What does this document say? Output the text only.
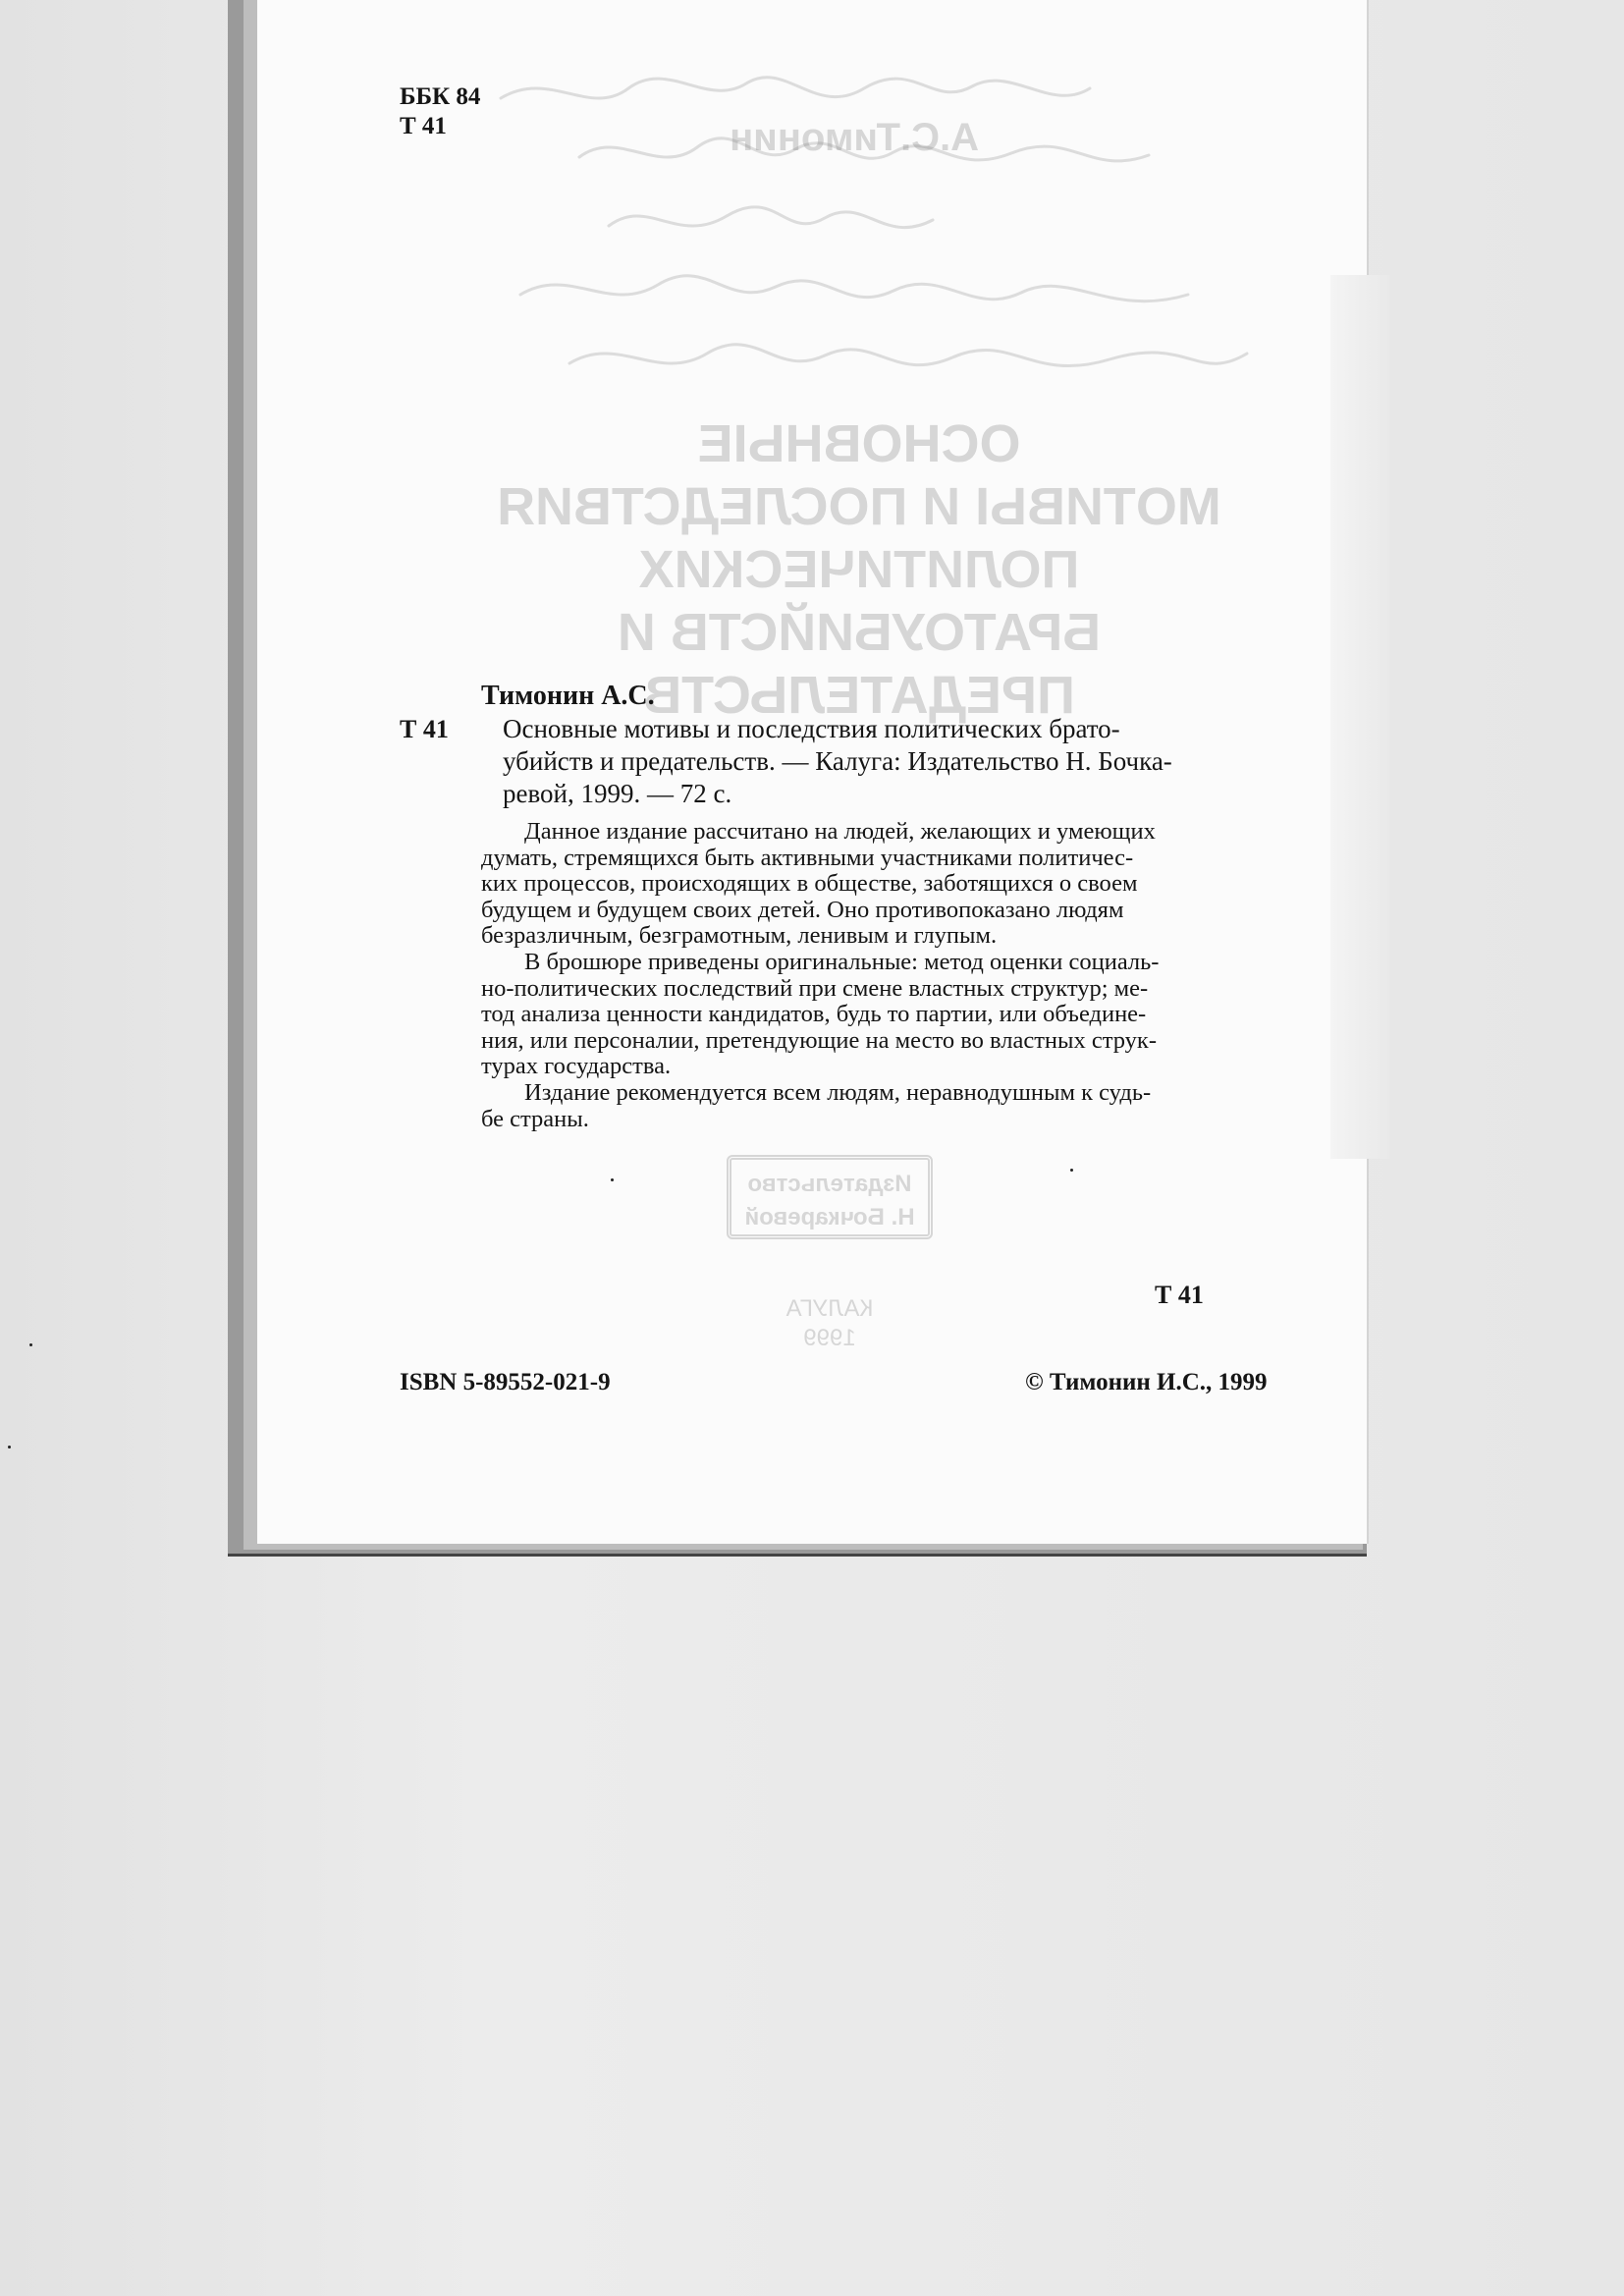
А.С.Тимонин
ОСНОВНЫЕ
МОТИВЫ И ПОСЛЕДСТВИЯ
ПОЛИТИЧЕСКИХ
БРАТОУБИЙСТВ И ПРЕДАТЕЛЬСТВ
Издательство
Н. Бочкаревой
КАЛУГА
1999
ББК 84
Т 41
Тимонин А.С.
Т 41 Основные мотивы и последствия политических брато-
убийств и предательств. — Калуга: Издательство Н. Бочка-
ревой, 1999. — 72 с.

Данное издание рассчитано на людей, желающих и умеющих
думать, стремящихся быть активными участниками политичес-
ких процессов, происходящих в обществе, заботящихся о своем
будущем и будущем своих детей. Оно противопоказано людям
безразличным, безграмотным, ленивым и глупым.

В брошюре приведены оригинальные: метод оценки социаль-
но-политических последствий при смене властных структур; ме-
тод анализа ценности кандидатов, будь то партии, или объедине-
ния, или персоналии, претендующие на место во властных струк-
турах государства.

Издание рекомендуется всем людям, неравнодушным к судь-
бе страны.

Т 41
ISBN 5-89552-021-9	© Тимонин И.С., 1999
